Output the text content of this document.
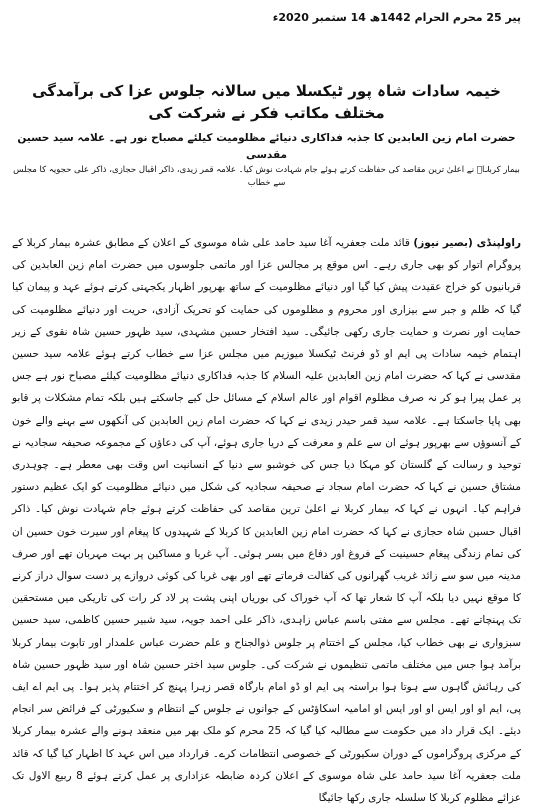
پیر 25 محرم الحرام 1442ھ 14 ستمبر 2020ء
خیمہ سادات شاہ پور ٹیکسلا میں سالانہ جلوس عزا کی برآمدگی مختلف مکاتب فکر نے شرکت کی
حضرت امام زین العابدین کا جذبہ فداکاری دنیائے مظلومیت کیلئے مصباح نور ہے۔ علامہ سید حسین مقدسی
بیمار کربلاؑ نے اعلیٰ ترین مقاصد کی حفاظت کرتے ہوئے جام شہادت نوش کیا۔ علامہ قمر زیدی، ذاکر اقبال حجازی، ذاکر علی حجویہ کا مجلس سے خطاب

راولپنڈی (بصیر نیوز) قائد ملت جعفریہ آغا سید حامد علی شاہ موسوی کے اعلان کے مطابق عشرہ بیمار کربلا کے پروگرام اتوار کو بھی جاری رہے۔ اس موقع پر مجالس عزا اور ماتمی جلوسوں میں حضرت امام زین العابدین کی قربانیوں کو خراج عقیدت پیش کیا گیا اور دنیائے مظلومیت کے ساتھ بھرپور اظہار یکجہتی کرتے ہوئے عہد و پیمان کیا گیا کہ ظلم و جبر سے بیزاری اور محروم و مظلوموں کی حمایت کو تحریک آزادی، حریت اور دنیائے مظلومیت کی حمایت اور نصرت و حمایت جاری رکھی جائیگی۔ سید افتخار حسین مشہدی، سید ظہور حسین شاہ نقوی کے زیر اہتمام خیمہ سادات پی ایم او ڈو فرنٹ ٹیکسلا میوزیم میں مجلس عزا سے خطاب کرتے ہوئے علامہ سید حسین مقدسی نے کہا کہ حضرت امام زین العابدین علیہ السلام کا جذبہ فداکاری دنیائے مظلومیت کیلئے مصباح نور ہے جس پر عمل پیرا ہو کر نہ صرف مظلوم اقوام اور عالم اسلام کے مسائل حل کیے جاسکتے ہیں بلکہ تمام مشکلات پر قابو بھی پایا جاسکتا ہے۔ علامہ سید قمر حیدر زیدی نے کہا کہ حضرت امام زین العابدین کی آنکھوں سے بہنے والے خون کے آنسوؤں سے بھرپور ہوئے ان سے علم و معرفت کے دریا جاری ہوئے، آپ کی دعاؤں کے مجموعہ صحیفہ سجادیہ نے توحید و رسالت کے گلستان کو مہکا دیا جس کی خوشبو سے دنیا کے انسانیت اس وقت بھی معطر ہے۔ چوہدری مشتاق حسین نے کہا کہ حضرت امام سجاد نے صحیفہ سجادیہ کی شکل میں دنیائے مظلومیت کو ایک عظیم دستور فراہم کیا۔ انہوں نے کہا کہ بیمار کربلا نے اعلیٰ ترین مقاصد کی حفاظت کرتے ہوئے جام شہادت نوش کیا۔ ذاکر اقبال حسین شاہ حجازی نے کہا کہ حضرت امام زین العابدین کا کربلا کے شہیدوں کا پیغام اور سیرت خون حسین ان کی تمام زندگی پیغام حسینیت کے فروغ اور دفاع میں بسر ہوئی۔ آپ غربا و مساکین پر بہت مہربان تھے اور صرف مدینہ میں سو سے زائد غریب گھرانوں کی کفالت فرماتے تھے اور بھی غربا کی کوئی دروازے پر دست سوال دراز کرنے کا موقع نہیں دیا بلکہ آپ کا شعار تھا کہ آپ خوراک کی بوریاں اپنی پشت پر لاد کر رات کی تاریکی میں مستحقین تک پہنچاتے تھے۔ مجلس سے مفتی باسم عباس زاہدی، ذاکر علی احمد جویہ، سید شبیر حسین کاظمی، سید حسین سبزواری نے بھی خطاب کیا، مجلس کے اختتام پر جلوس ذوالجناح و علم حضرت عباس علمدار اور تابوت بیمار کربلا برآمد ہوا جس میں مختلف ماتمی تنظیموں نے شرکت کی۔ جلوس سید اختر حسین شاہ اور سید ظہور حسین شاہ کی رہائش گاہوں سے ہوتا ہوا براستہ پی ایم او ڈو امام بارگاہ قصر زہرا پہنچ کر اختتام پذیر ہوا۔ پی ایم اے ایف پی، ایم او اور ایس او اور ایس او امامیہ اسکاؤٹس کے جوانوں نے جلوس کے انتظام و سکیورٹی کے فرائض سر انجام دیئے۔ ایک قرار داد میں حکومت سے مطالبہ کیا گیا کہ 25 محرم کو ملک بھر میں منعقد ہونے والے عشرہ بیمار کربلا کے مرکزی پروگراموں کے دوران سکیورٹی کے خصوصی انتظامات کرے۔ قرارداد میں اس عہد کا اظہار کیا گیا کہ قائد ملت جعفریہ آغا سید حامد علی شاہ موسوی کے اعلان کردہ ضابطہ عزاداری پر عمل کرتے ہوئے 8 ربیع الاول تک عزائے مظلوم کربلا کا سلسلہ جاری رکھا جائیگا
